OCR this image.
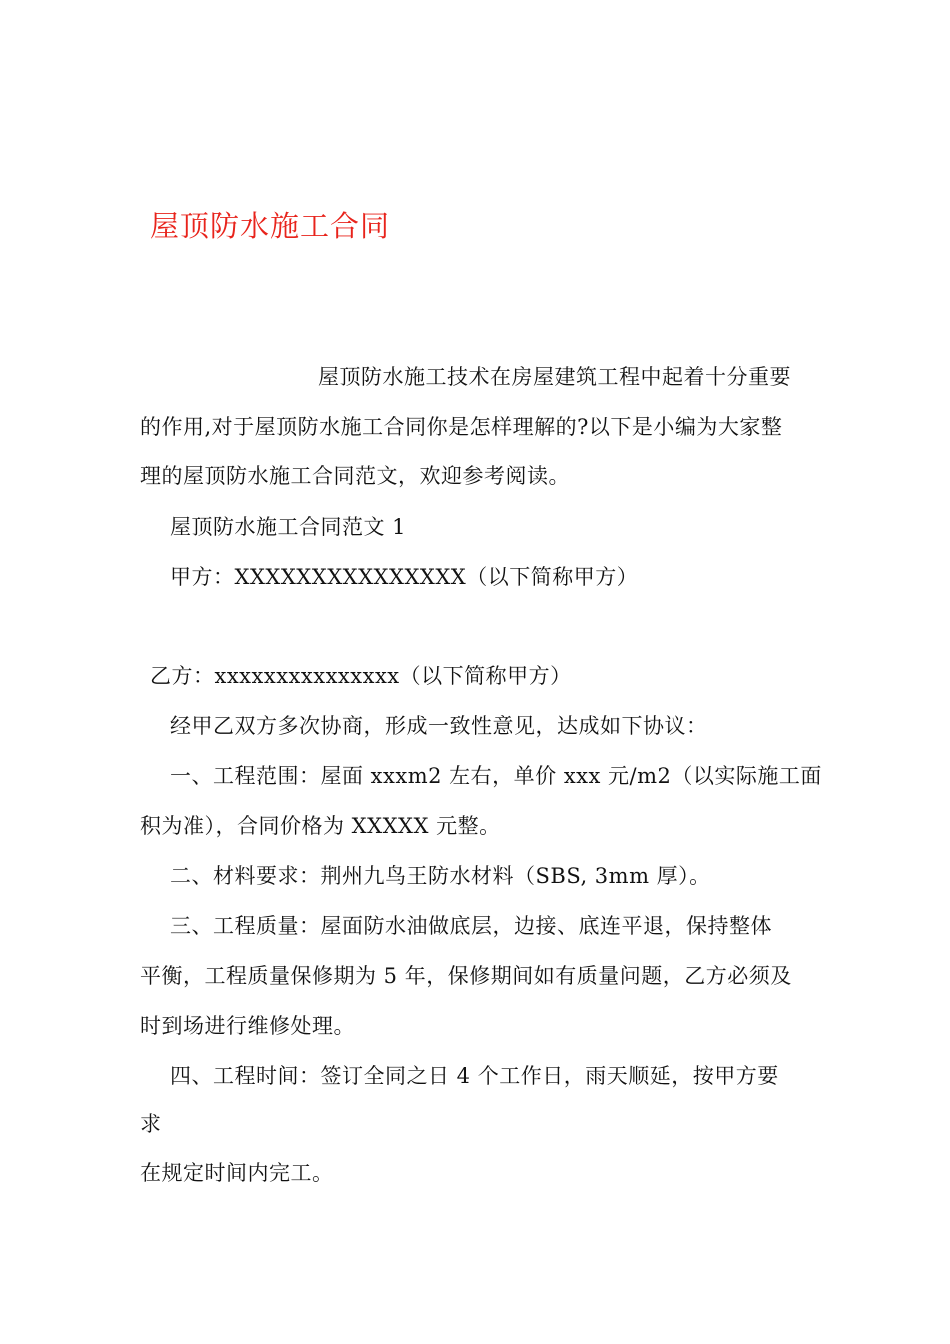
屋顶防水施工合同

屋顶防水施工技术在房屋建筑工程中起着十分重要

的作用,对于屋顶防水施工合同你是怎样理解的?以下是小编为大家整

理的屋顶防水施工合同范文，欢迎参考阅读。

屋顶防水施工合同范文 1

甲方：XXXXXXXXXXXXXXX（以下简称甲方）

乙方：xxxxxxxxxxxxxxx（以下简称甲方）

经甲乙双方多次协商，形成一致性意见，达成如下协议：

一、工程范围：屋面 xxxm2 左右，单价 xxx 元/m2（以实际施工面

积为准），合同价格为 XXXXX 元整。

二、材料要求：荆州九鸟王防水材料（SBS, 3mm 厚）。

三、工程质量：屋面防水油做底层，边接、底连平退，保持整体

平衡，工程质量保修期为 5 年，保修期间如有质量问题，乙方必须及

时到场进行维修处理。

四、工程时间：签订全同之日 4 个工作日，雨天顺延，按甲方要

求

在规定时间内完工。
